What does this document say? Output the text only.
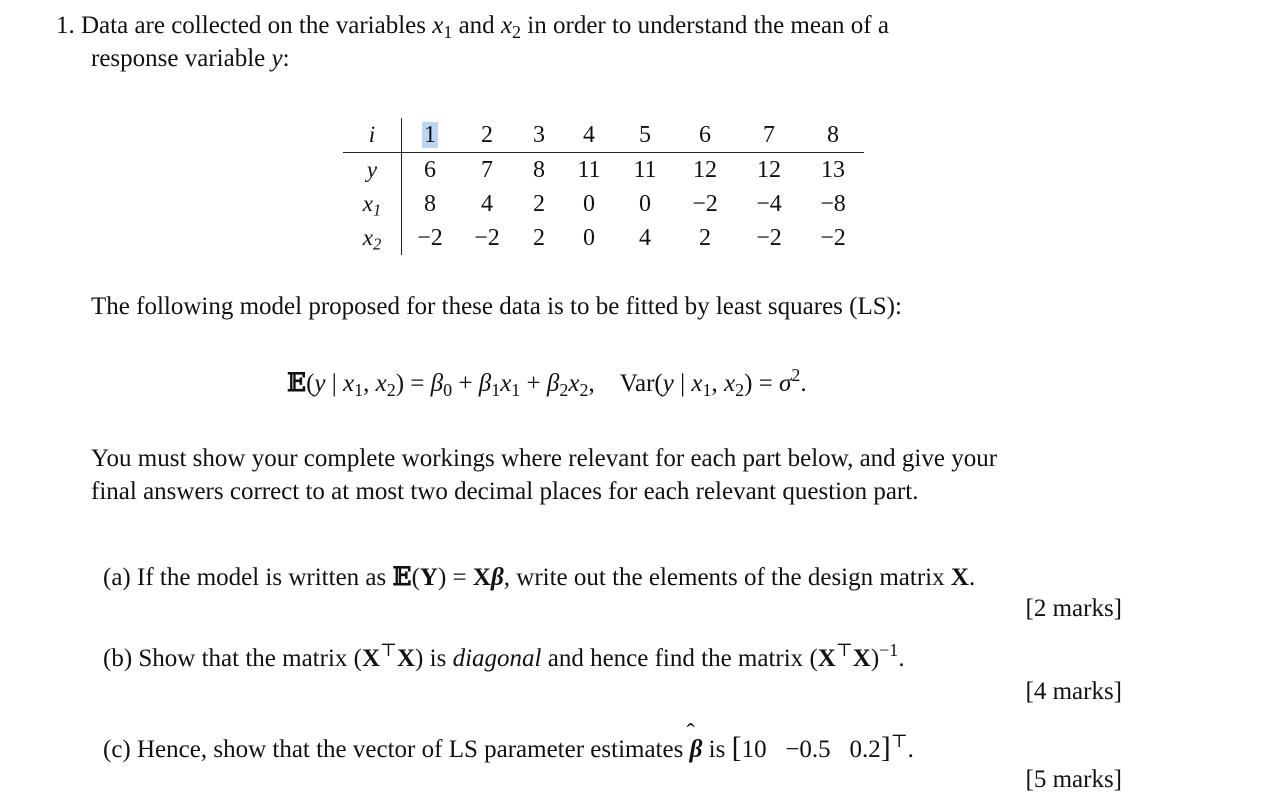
1. Data are collected on the variables $x_1$ and $x_2$ in order to understand the mean of a
response variable y:
i	1	2	3	4	5	6	7	8
y	6	7	8	11	11	12	12	13
$x_1$	8	4	2	0	0	−2	−4	−8
$x_2$	−2	−2	2	0	4	2	−2	−2
The following model proposed for these data is to be fitted by least squares (LS):
𝔼(y | $x_1$, $x_2) = \beta_0 + \beta_1x_1 + \beta_2x_2$,    Var(y | $x_1$, $x_2) = \sigma^2$.
You must show your complete workings where relevant for each part below, and give your
final answers correct to at most two decimal places for each relevant question part.
(a) If the model is written as 𝔼(Y) = Xβ, write out the elements of the design matrix X.
[2 marks]
(b) Show that the matrix (X⊤X) is diagonal and hence find the matrix $(X^⊤X)^{-1}$.
[4 marks]
(c) Hence, show that the vector of LS parameter estimates β is [10 −0.5 0.2]⊤.
[5 marks]
